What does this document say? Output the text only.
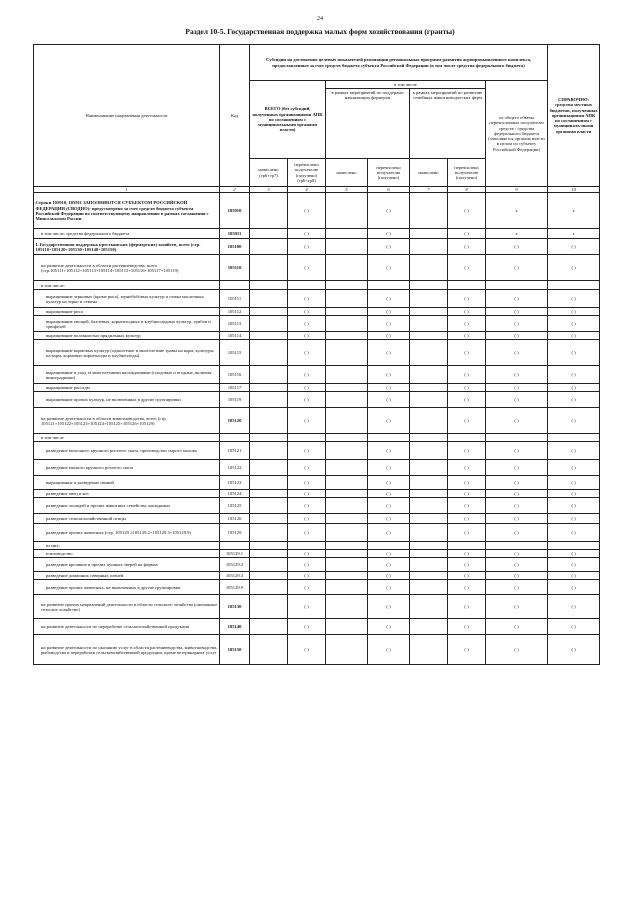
24
Раздел 10-5. Государственная поддержка малых форм хозяйствования (гранты)
Наименование направления деятельности	Код	Субсидии на достижение целевых показателей реализации региональных программ развития агропромышленного комплекса, предоставленные за счет средств бюджета субъекта Российской Федерации (в том числе средства федерального бюджета)							СПРАВОЧНО: средства местных бюджетов, полученных организациями АПК по соглашениям с муниципаль-ными органами власти
		ВСЕГО (без субсидий, полученных организациями АПК по соглашениям с муниципальными органами власти)		в том числе				из общего объема перечисленных получателю средств - средства федерального бюджета (заполняется органом власти в целом по субъекту Российской Федерации)	
				в рамках мероприятий по поддержке начинающих фермеров		в рамках мероприятий по развитию семейных животноводческих ферм			
		начислено (гр6+гр7)	перечислено получателю (получено) (гр6+гр8)	начислено	перечислено получателю (получено)	начислено	перечислено получателю (получено)		
1	2	3	4	5	6	7	8	9	10
Строки 105910, 105911 ЗАПОЛНЯЮТСЯ СУБЪЕКТОМ РОССИЙСКОЙ ФЕДЕРАЦИИ (СВОДНО): предусмотрено за счет средств бюджета субъекта Российской Федерации по соответствующему направлению в рамках соглашения с Минсельхозом России	105910		( )		( )		( )	x	x
в том числе: средства федерального бюджета	105911		( )		( )		( )	x	x
I. Государственная поддержка крестьянских (фермерских) хозяйств, всего (стр. 105110+105120+105130+105140+105150)	105100		( )		( )		( )	( )	( )
на развитие деятельности в области растениеводства, всего (стр.105111+105112+105113+105114+105115+105116+105117+105119)	105110		( )		( )		( )	( )	( )
в том числе:									
выращивание зерновых (кроме риса), зернобобовых культур и семян масличных культур на зерно и семена	105111		( )		( )		( )	( )	( )
выращивание риса	105112		( )		( )		( )	( )	( )
выращивание овощей, бахчевых, корнеплодных и клубнеплодных культур, грибов и трюфелей	105113		( )		( )		( )	( )	( )
выращивание волокнистых прядильных культур	105114		( )		( )		( )	( )	( )
выращивание кормовых культур (однолетние и многолетние травы на корм, культуры на корм, кормовые корнеплоды и клубнеплоды)	105115		( )		( )		( )	( )	( )
выращивание и уход за многолетними насаждениями (плодовые и ягодные, включая виноградники)	105116		( )		( )		( )	( )	( )
выращивание рассады	105117		( )		( )		( )	( )	( )
выращивание прочих культур, не включенных в другие группировки	105119		( )		( )		( )	( )	( )
на развитие деятельности в области животноводства, всего (стр 105121+105122+105123+105124+105125+105126+105129)	105120		( )		( )		( )	( )	( )
в том числе									
разведение молочного крупного рогатого скота, производство сырого молока	105121		( )		( )		( )	( )	( )
разведение мясного крупного рогатого скота	105122		( )		( )		( )	( )	( )
выращивание и разведение свиней	105123		( )		( )		( )	( )	( )
разведение овец и коз	105124		( )		( )		( )	( )	( )
разведение лошадей и прочих животных семейства лошадиных	105125		( )		( )		( )	( )	( )
разведение сельскохозяйственной птицы	105126		( )		( )		( )	( )	( )
разведение прочих животных (стр. 105129 ≥105129.2+105129.3+105129.9)	105129		( )		( )		( )	( )	( )
из них:									
пчеловодство	105129.1		( )		( )		( )	( )	( )
разведение кроликов и прочих пушных зверей на фермах	105129.2		( )		( )		( )	( )	( )
разведение домашних северных оленей	105129.3		( )		( )		( )	( )	( )
разведение прочих животных, не включенных в другие группировки	105129.9		( )		( )		( )	( )	( )
на развитие прочих направлений деятельности в области сельского хозяйства (смешанное сельское хозяйство)	105130		( )		( )		( )	( )	( )
на развитие деятельности по переработке сельскохозяйственной продукции	105140		( )		( )		( )	( )	( )
на развитие деятельности по оказанию услуг в области растениеводства, животноводства, рыбоводства и переработки сельскохозяйственной продукции, кроме ветеринарных услуг	105150		( )		( )		( )	( )	( )
